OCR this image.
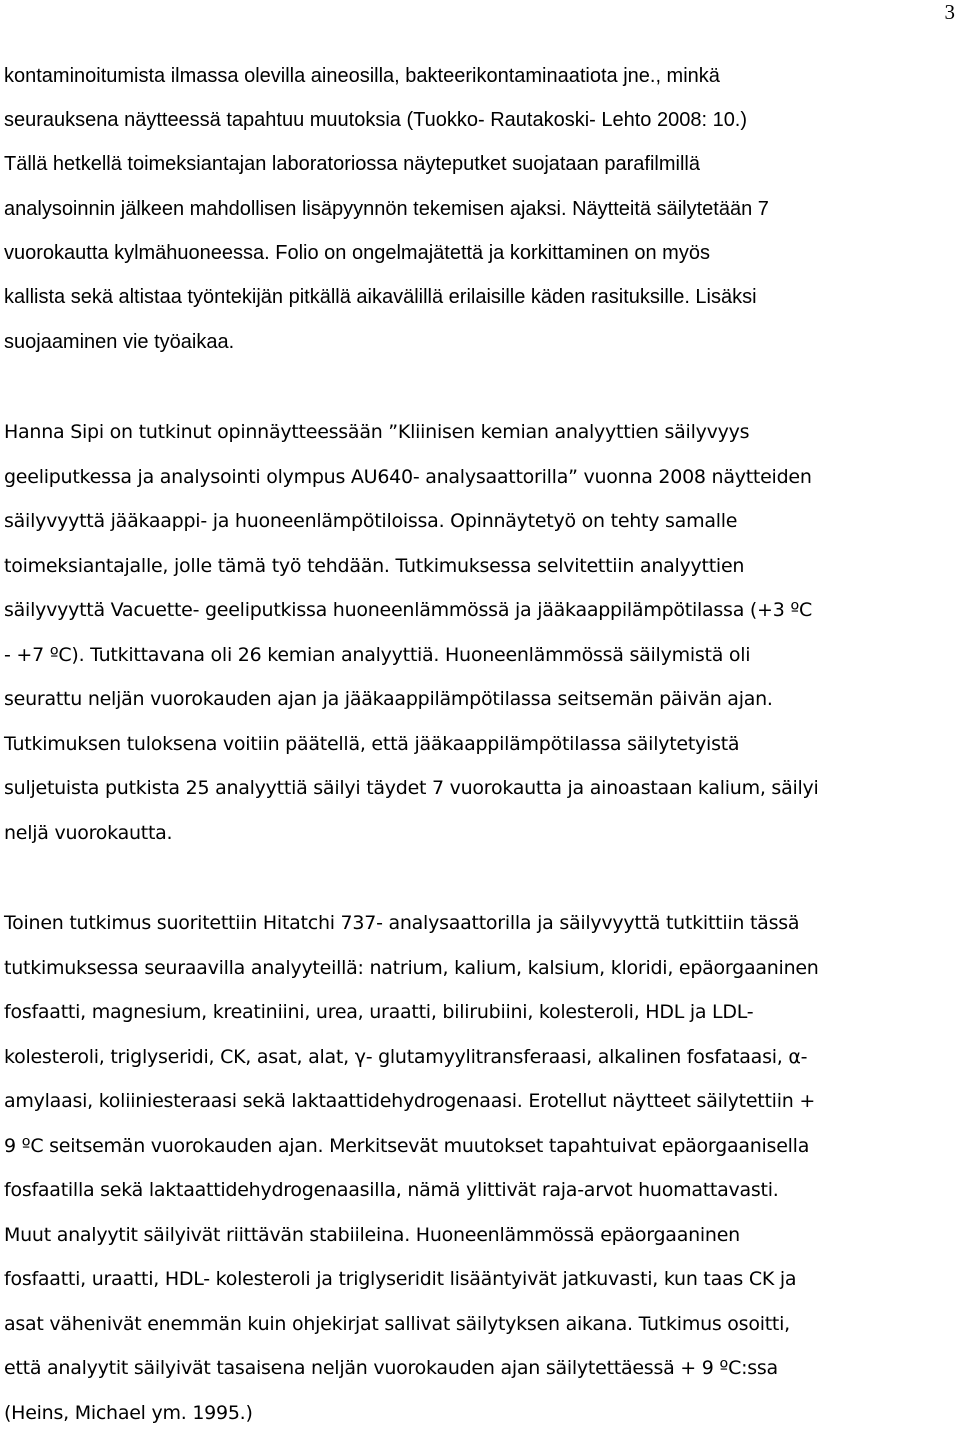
3
kontaminoitumista ilmassa olevilla aineosilla, bakteerikontaminaatiota jne., minkä
seurauksena näytteessä tapahtuu muutoksia (Tuokko- Rautakoski- Lehto 2008: 10.)
Tällä hetkellä toimeksiantajan laboratoriossa näyteputket suojataan parafilmillä
analysoinnin jälkeen mahdollisen lisäpyynnön tekemisen ajaksi. Näytteitä säilytetään 7
vuorokautta kylmähuoneessa. Folio on ongelmajätettä ja korkittaminen on myös
kallista sekä altistaa työntekijän pitkällä aikavälillä erilaisille käden rasituksille. Lisäksi
suojaaminen vie työaikaa.
Hanna Sipi on tutkinut opinnäytteessään ”Kliinisen kemian analyyttien säilyvyys
geeliputkessa ja analysointi olympus AU640- analysaattorilla” vuonna 2008 näytteiden
säilyvyyttä jääkaappi- ja huoneenlämpötiloissa. Opinnäytetyö on tehty samalle
toimeksiantajalle, jolle tämä työ tehdään. Tutkimuksessa selvitettiin analyyttien
säilyvyyttä Vacuette- geeliputkissa huoneenlämmössä ja jääkaappilämpötilassa (+3 ºC
- +7 ºC). Tutkittavana oli 26 kemian analyyttiä. Huoneenlämmössä säilymistä oli
seurattu neljän vuorokauden ajan ja jääkaappilämpötilassa seitsemän päivän ajan.
Tutkimuksen tuloksena voitiin päätellä, että jääkaappilämpötilassa säilytetyistä
suljetuista putkista 25 analyyttiä säilyi täydet 7 vuorokautta ja ainoastaan kalium, säilyi
neljä vuorokautta.
Toinen tutkimus suoritettiin Hitatchi 737- analysaattorilla ja säilyvyyttä tutkittiin tässä
tutkimuksessa seuraavilla analyyteillä: natrium, kalium, kalsium, kloridi, epäorgaaninen
fosfaatti, magnesium, kreatiniini, urea, uraatti, bilirubiini, kolesteroli, HDL ja LDL-
kolesteroli, triglyseridi, CK, asat, alat, γ- glutamyylitransferaasi, alkalinen fosfataasi, α-
amylaasi, koliiniesteraasi sekä laktaattidehydrogenaasi. Erotellut näytteet säilytettiin +
9 ºC seitsemän vuorokauden ajan. Merkitsevät muutokset tapahtuivat epäorgaanisella
fosfaatilla sekä laktaattidehydrogenaasilla, nämä ylittivät raja-arvot huomattavasti.
Muut analyytit säilyivät riittävän stabiileina. Huoneenlämmössä epäorgaaninen
fosfaatti, uraatti, HDL- kolesteroli ja triglyseridit lisääntyivät jatkuvasti, kun taas CK ja
asat vähenivät enemmän kuin ohjekirjat sallivat säilytyksen aikana. Tutkimus osoitti,
että analyytit säilyivät tasaisena neljän vuorokauden ajan säilytettäessä + 9 ºC:ssa
(Heins, Michael ym. 1995.)
